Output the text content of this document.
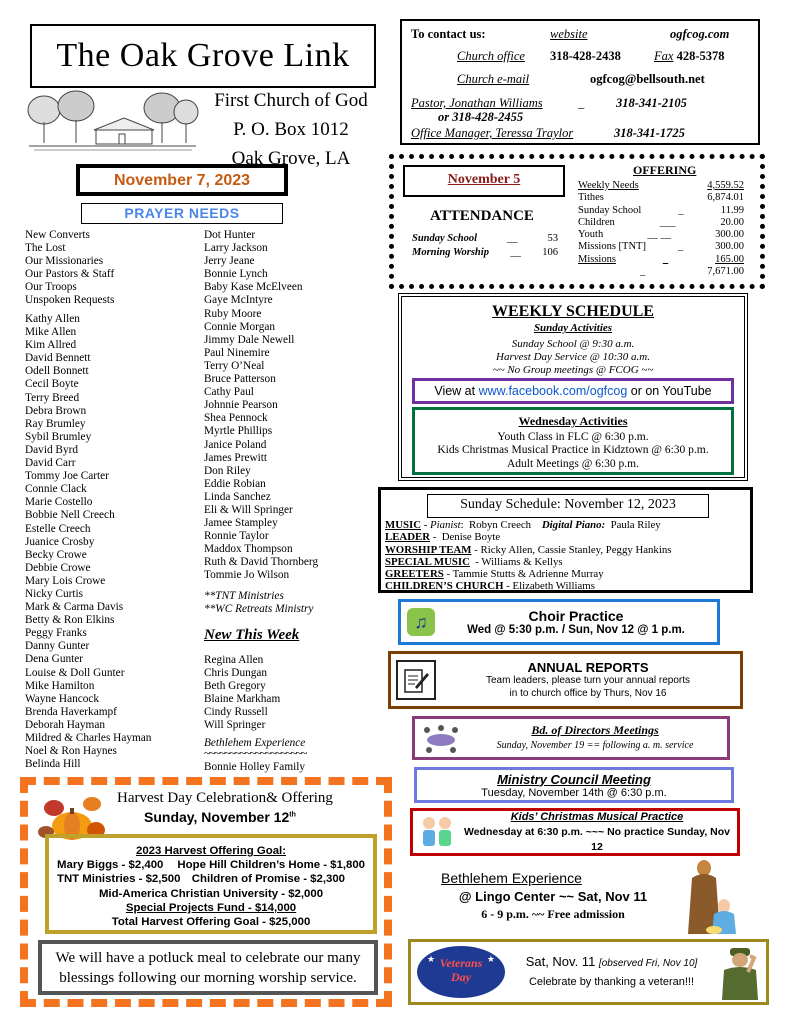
The Oak Grove Link
First Church of God
P. O. Box 1012
Oak Grove, LA
November 7, 2023
PRAYER NEEDS
New Converts
The Lost
Our Missionaries
Our Pastors & Staff
Our Troops
Unspoken Requests
Kathy Allen
Mike Allen
Kim Allred
David Bennett
Odell Bonnett
Cecil Boyte
Terry Breed
Debra Brown
Ray Brumley
Sybil Brumley
David Byrd
David Carr
Tommy Joe Carter
Connie Clack
Marie Costello
Bobbie Nell Creech
Estelle Creech
Juanice Crosby
Becky Crowe
Debbie Crowe
Mary Lois Crowe
Nicky Curtis
Mark & Carma Davis
Betty & Ron Elkins
Peggy Franks
Danny Gunter
Dena Gunter
Louise & Doll Gunter
Mike Hamilton
Wayne Hancock
Brenda Haverkampf
Deborah Hayman
Mildred & Charles Hayman
Noel & Ron Haynes
Belinda Hill
Dot Hunter
Larry Jackson
Jerry Jeane
Bonnie Lynch
Baby Kase McElveen
Gaye McIntyre
Ruby Moore
Connie Morgan
Jimmy Dale Newell
Paul Ninemire
Terry O’Neal
Bruce Patterson
Cathy Paul
Johnnie Pearson
Shea Pennock
Myrtle Phillips
Janice Poland
James Prewitt
Don Riley
Eddie Robian
Linda Sanchez
Eli & Will Springer
Jamee Stampley
Ronnie Taylor
Maddox Thompson
Ruth & David Thornberg
Tommie Jo Wilson
**TNT Ministries
**WC Retreats Ministry
New This Week
Regina Allen
Chris Dungan
Beth Gregory
Blaine Markham
Cindy Russell
Will Springer
Bethlehem Experience
~~~~~~~~~~~~~~~~~~~~
Bonnie Holley Family
Harvest Day Celebration& Offering
Sunday, November 12th
2023 Harvest Offering Goal:
Mary Biggs - $2,400 Hope Hill Children’s Home - $1,800
TNT Ministries - $2,500 Children of Promise - $2,300
Mid-America Christian University - $2,000
Special Projects Fund - $14,000
Total Harvest Offering Goal - $25,000
We will have a potluck meal to celebrate our many blessings following our morning worship service.
To contact us:	website	ogfcog.com
Church office 318-428-2438	Fax 428-5378
Church e-mail	ogfcog@bellsouth.net
Pastor, Jonathan Williams	_	318-341-2105
or 318-428-2455
Office Manager, Teressa Traylor	318-341-1725
November 5
ATTENDANCE
Sunday School	__	53
Morning Worship __ 106
OFFERING
Weekly Needs	4,559.52
Tithes	6,874.01
Sunday School	_	11.99
Children	___	20.00
Youth	__ __	300.00
Missions [TNT]	_	300.00
Missions	_	165.00
_	7,671.00
WEEKLY SCHEDULE
Sunday Activities
Sunday School @ 9:30 a.m.
Harvest Day Service @ 10:30 a.m.
~~ No Group meetings @ FCOG ~~
View at www.facebook.com/ogfcog or on YouTube
Wednesday Activities
Youth Class in FLC @ 6:30 p.m.
Kids Christmas Musical Practice in Kidztown @ 6:30 p.m.
Adult Meetings @ 6:30 p.m.
Sunday Schedule: November 12, 2023
MUSIC - Pianist:  Robyn Creech Digital Piano: Paula Riley
LEADER -  Denise Boyte
WORSHIP TEAM - Ricky Allen, Cassie Stanley, Peggy Hankins
SPECIAL MUSIC  - Williams & Kellys
GREETERS - Tammie Stutts & Adrienne Murray
CHILDREN’S CHURCH - Elizabeth Williams
♫	Choir Practice
Wed @ 5:30 p.m. / Sun, Nov 12 @ 1 p.m.
ANNUAL REPORTS
Team leaders, please turn your annual reports
in to church office by Thurs, Nov 16
Bd. of Directors Meetings
Sunday, November 19 == following a. m. service
Ministry Council Meeting
Tuesday, November 14th @ 6:30 p.m.
Kids’ Christmas Musical Practice
Wednesday at 6:30 p.m. ~~~ No practice Sunday, Nov 12
Bethlehem Experience
@ Lingo Center ~~ Sat, Nov 11
6 - 9 p.m. ~~ Free admission
Veterans
Day
★	★	Sat, Nov. 11 [observed Fri, Nov 10]
Celebrate by thanking a veteran!!!
